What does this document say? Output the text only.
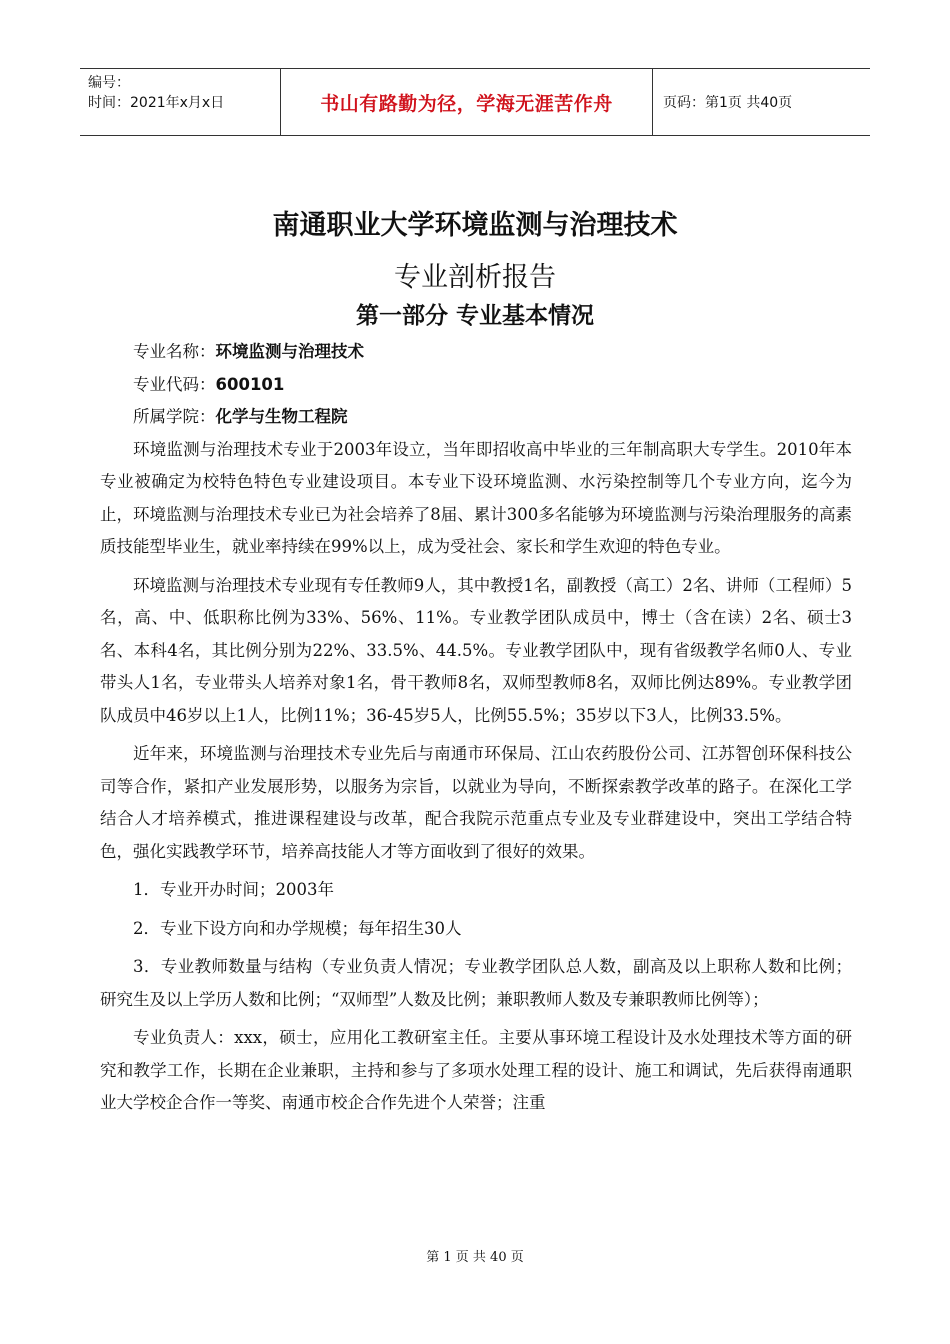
编号：
时间：2021年x月x日	书山有路勤为径，学海无涯苦作舟	页码：第1页 共40页
南通职业大学环境监测与治理技术
专业剖析报告
第一部分 专业基本情况
专业名称：环境监测与治理技术
专业代码：600101
所属学院：化学与生物工程院

环境监测与治理技术专业于2003年设立，当年即招收高中毕业的三年制高职大专学生。2010年本专业被确定为校特色特色专业建设项目。本专业下设环境监测、水污染控制等几个专业方向，迄今为止，环境监测与治理技术专业已为社会培养了8届、累计300多名能够为环境监测与污染治理服务的高素质技能型毕业生，就业率持续在99%以上，成为受社会、家长和学生欢迎的特色专业。

环境监测与治理技术专业现有专任教师9人，其中教授1名，副教授（高工）2名、讲师（工程师）5名，高、中、低职称比例为33%、56%、11%。专业教学团队成员中，博士（含在读）2名、硕士3名、本科4名，其比例分别为22%、33.5%、44.5%。专业教学团队中，现有省级教学名师0人、专业带头人1名，专业带头人培养对象1名，骨干教师8名，双师型教师8名，双师比例达89%。专业教学团队成员中46岁以上1人，比例11%；36-45岁5人，比例55.5%；35岁以下3人，比例33.5%。

近年来，环境监测与治理技术专业先后与南通市环保局、江山农药股份公司、江苏智创环保科技公司等合作，紧扣产业发展形势，以服务为宗旨，以就业为导向，不断探索教学改革的路子。在深化工学结合人才培养模式，推进课程建设与改革，配合我院示范重点专业及专业群建设中，突出工学结合特色，强化实践教学环节，培养高技能人才等方面收到了很好的效果。

1．专业开办时间；2003年

2．专业下设方向和办学规模；每年招生30人

3．专业教师数量与结构（专业负责人情况；专业教学团队总人数，副高及以上职称人数和比例；研究生及以上学历人数和比例；“双师型”人数及比例；兼职教师人数及专兼职教师比例等）；

专业负责人：xxx，硕士，应用化工教研室主任。主要从事环境工程设计及水处理技术等方面的研究和教学工作，长期在企业兼职，主持和参与了多项水处理工程的设计、施工和调试，先后获得南通职业大学校企合作一等奖、南通市校企合作先进个人荣誉；注重

第 1 页 共 40 页
